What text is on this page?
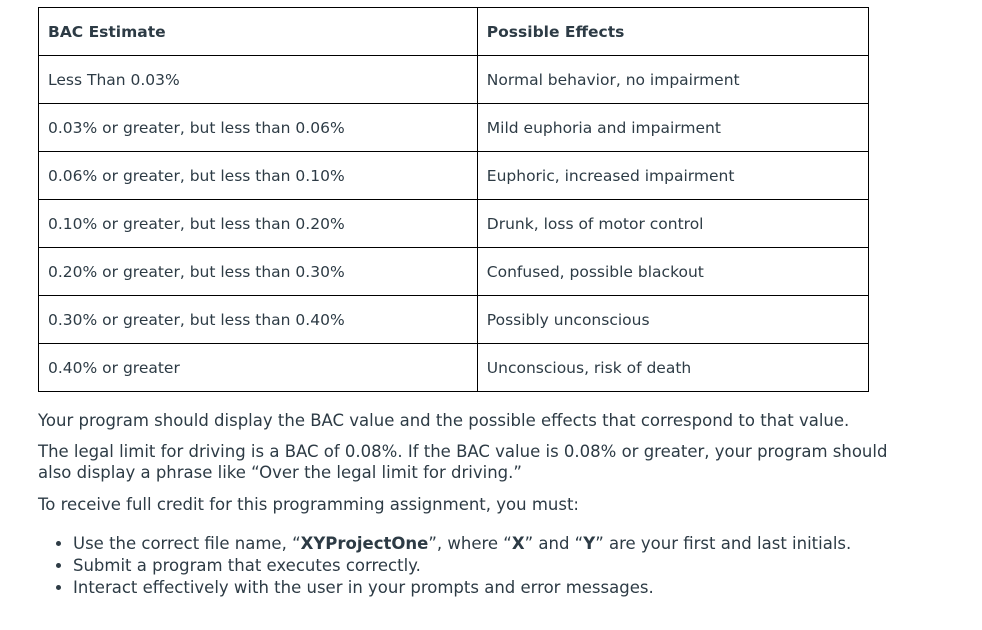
BAC Estimate	Possible Effects
Less Than 0.03%	Normal behavior, no impairment
0.03% or greater, but less than 0.06%	Mild euphoria and impairment
0.06% or greater, but less than 0.10%	Euphoric, increased impairment
0.10% or greater, but less than 0.20%	Drunk, loss of motor control
0.20% or greater, but less than 0.30%	Confused, possible blackout
0.30% or greater, but less than 0.40%	Possibly unconscious
0.40% or greater	Unconscious, risk of death

Your program should display the BAC value and the possible effects that correspond to that value.

The legal limit for driving is a BAC of 0.08%. If the BAC value is 0.08% or greater, your program should also display a phrase like “Over the legal limit for driving.”

To receive full credit for this programming assignment, you must:

• Use the correct file name, “XYProjectOne”, where “X” and “Y” are your first and last initials.
• Submit a program that executes correctly.
• Interact effectively with the user in your prompts and error messages.
